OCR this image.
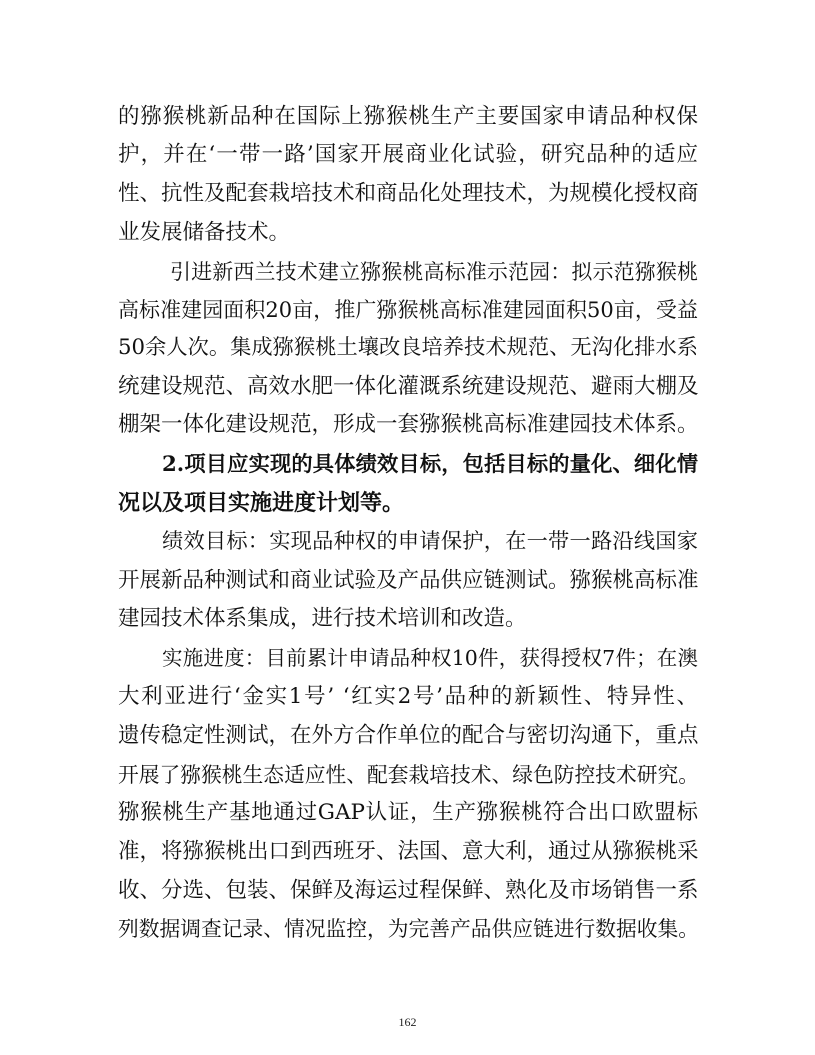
的猕猴桃新品种在国际上猕猴桃生产主要国家申请品种权保
护，并在‘一带一路’国家开展商业化试验，研究品种的适应
性、抗性及配套栽培技术和商品化处理技术，为规模化授权商
业发展储备技术。
引进新西兰技术建立猕猴桃高标准示范园：拟示范猕猴桃
高标准建园面积20亩，推广猕猴桃高标准建园面积50亩，受益
50余人次。集成猕猴桃土壤改良培养技术规范、无沟化排水系
统建设规范、高效水肥一体化灌溉系统建设规范、避雨大棚及
棚架一体化建设规范，形成一套猕猴桃高标准建园技术体系。
2.项目应实现的具体绩效目标，包括目标的量化、细化情
况以及项目实施进度计划等。
绩效目标：实现品种权的申请保护，在一带一路沿线国家
开展新品种测试和商业试验及产品供应链测试。猕猴桃高标准
建园技术体系集成，进行技术培训和改造。
实施进度：目前累计申请品种权10件，获得授权7件；在澳
大利亚进行‘金实1号’ ‘红实2号’品种的新颖性、特异性、
遗传稳定性测试，在外方合作单位的配合与密切沟通下，重点
开展了猕猴桃生态适应性、配套栽培技术、绿色防控技术研究。
猕猴桃生产基地通过GAP认证，生产猕猴桃符合出口欧盟标
准，将猕猴桃出口到西班牙、法国、意大利，通过从猕猴桃采
收、分选、包装、保鲜及海运过程保鲜、熟化及市场销售一系
列数据调查记录、情况监控，为完善产品供应链进行数据收集。
162
